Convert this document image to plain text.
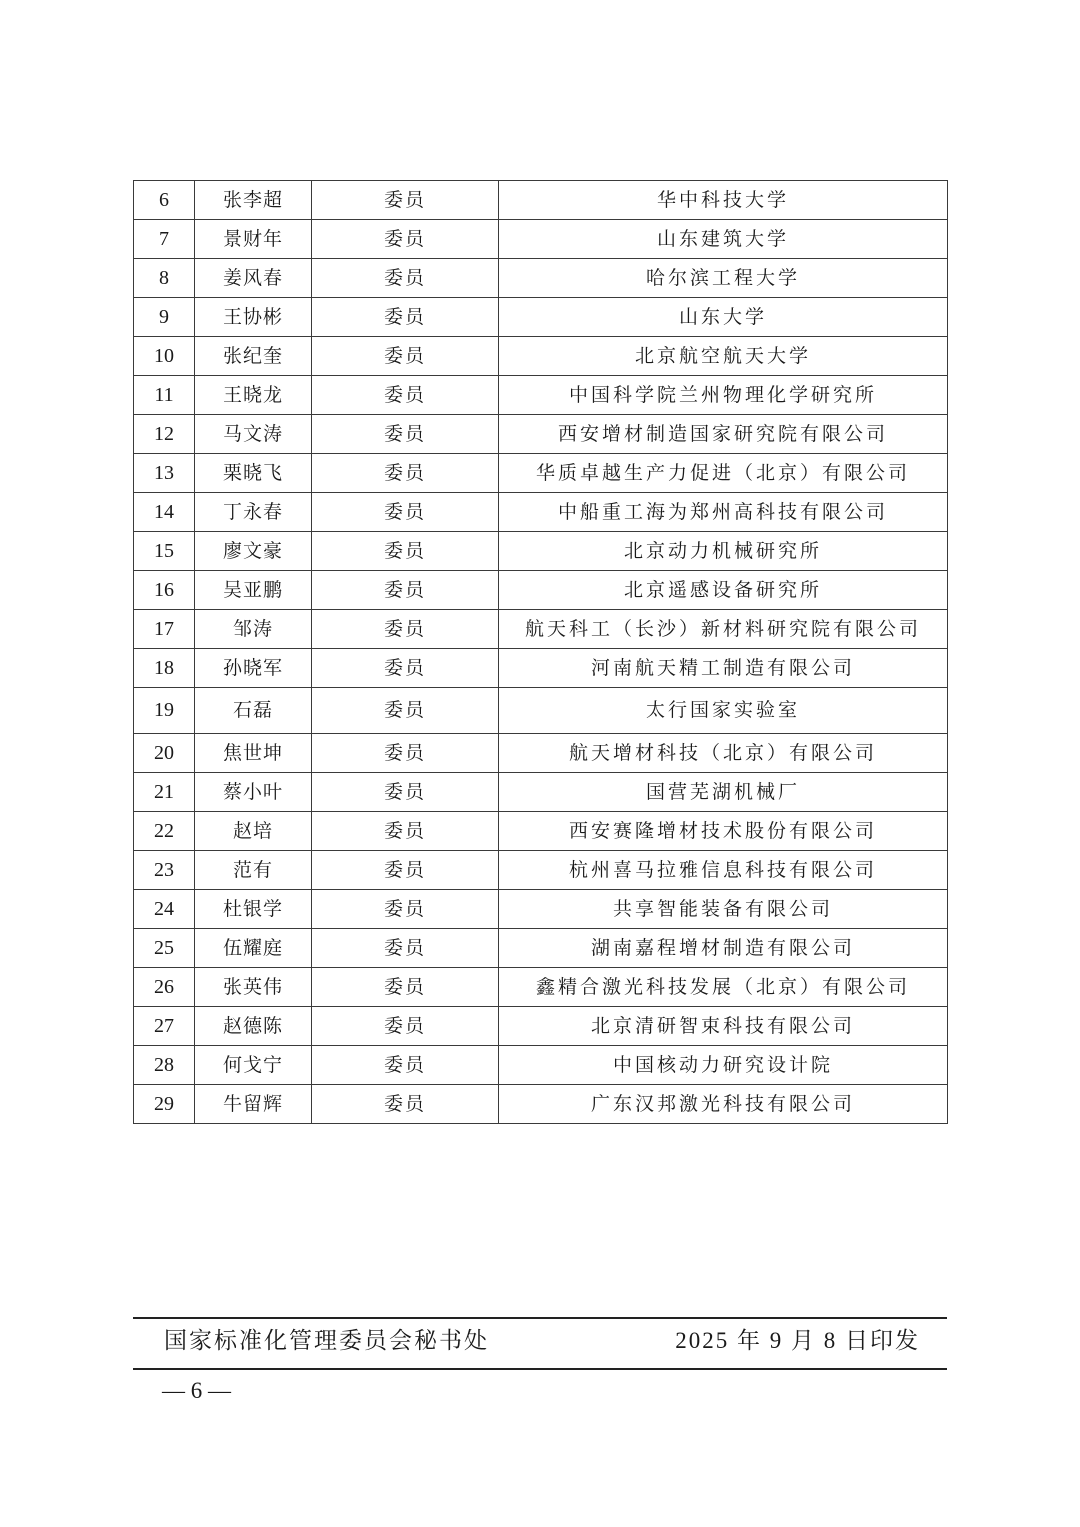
6	张李超	委员	华中科技大学
7	景财年	委员	山东建筑大学
8	姜风春	委员	哈尔滨工程大学
9	王协彬	委员	山东大学
10	张纪奎	委员	北京航空航天大学
11	王晓龙	委员	中国科学院兰州物理化学研究所
12	马文涛	委员	西安增材制造国家研究院有限公司
13	栗晓飞	委员	华质卓越生产力促进（北京）有限公司
14	丁永春	委员	中船重工海为郑州高科技有限公司
15	廖文豪	委员	北京动力机械研究所
16	吴亚鹏	委员	北京遥感设备研究所
17	邹涛	委员	航天科工（长沙）新材料研究院有限公司
18	孙晓军	委员	河南航天精工制造有限公司
19	石磊	委员	太行国家实验室
20	焦世坤	委员	航天增材科技（北京）有限公司
21	蔡小叶	委员	国营芜湖机械厂
22	赵培	委员	西安赛隆增材技术股份有限公司
23	范有	委员	杭州喜马拉雅信息科技有限公司
24	杜银学	委员	共享智能装备有限公司
25	伍耀庭	委员	湖南嘉程增材制造有限公司
26	张英伟	委员	鑫精合激光科技发展（北京）有限公司
27	赵德陈	委员	北京清研智束科技有限公司
28	何戈宁	委员	中国核动力研究设计院
29	牛留辉	委员	广东汉邦激光科技有限公司
国家标准化管理委员会秘书处	2025 年 9 月 8 日印发
— 6 —
